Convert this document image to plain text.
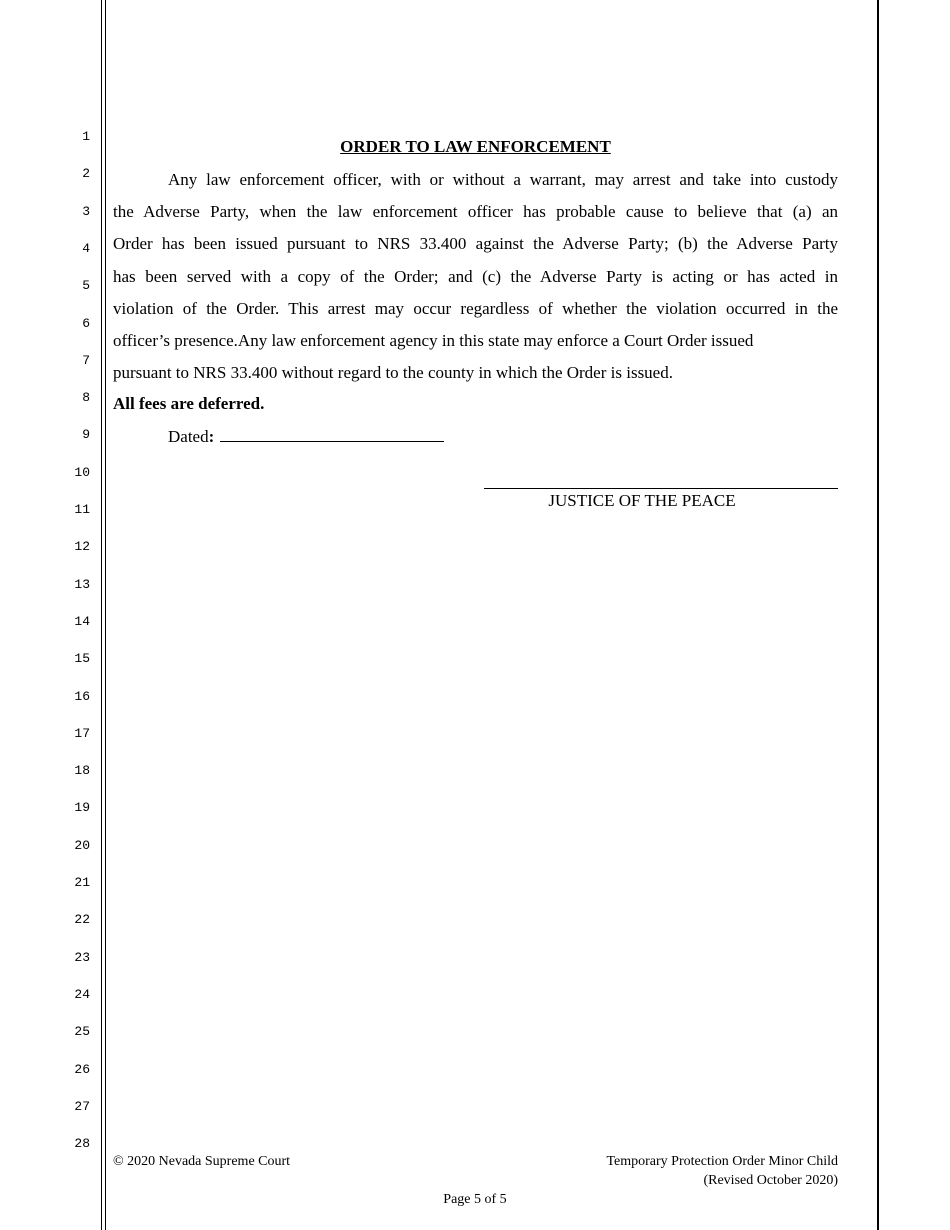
1
2
3
4
5
6
7
8
9
10
11
12
13
14
15
16
17
18
19
20
21
22
23
24
25
26
27
28
ORDER TO LAW ENFORCEMENT
Any law enforcement officer, with or without a warrant, may arrest and take into custody
the Adverse Party, when the law enforcement officer has probable cause to believe that (a) an
Order has been issued pursuant to NRS 33.400 against the Adverse Party; (b) the Adverse Party
has been served with a copy of the Order; and (c) the Adverse Party is acting or has acted in
violation of the Order. This arrest may occur regardless of whether the violation occurred in the
officer’s presence.Any law enforcement agency in this state may enforce a Court Order issued
pursuant to NRS 33.400 without regard to the county in which the Order is issued.
All fees are deferred.
Dated:
JUSTICE OF THE PEACE
© 2020 Nevada Supreme Court	Temporary Protection Order Minor Child
(Revised October 2020)
Page 5 of 5
